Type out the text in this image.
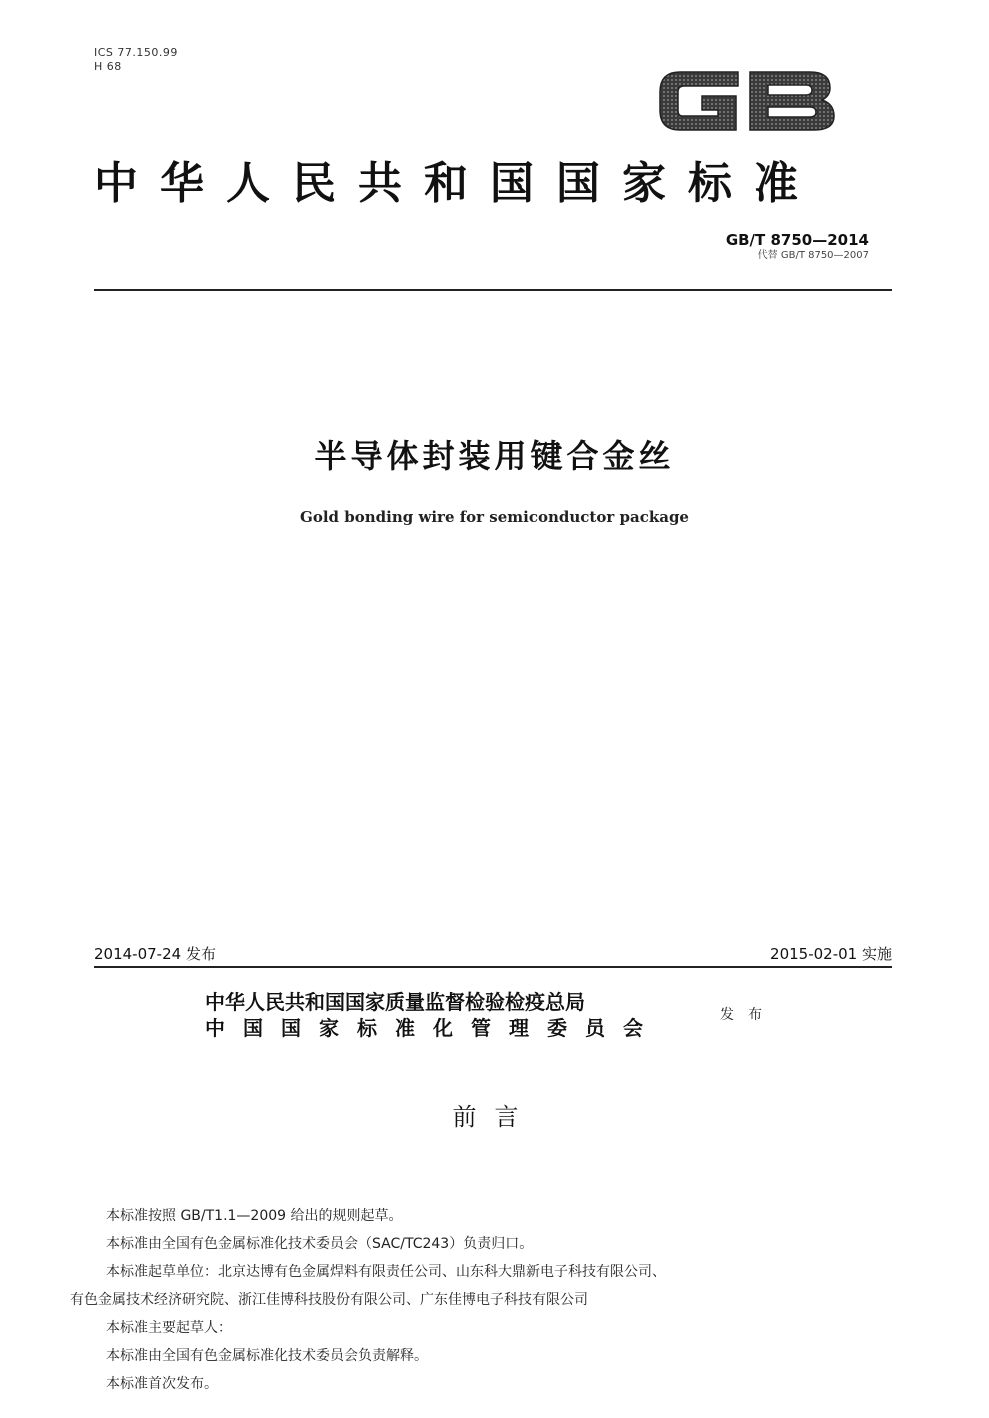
ICS 77.150.99
H 68
中华人民共和国国家标准
GB/T 8750—2014
代替 GB/T 8750—2007
半导体封装用键合金丝
Gold bonding wire for semiconductor package
2014-07-24 发布	2015-02-01 实施
中华人民共和国国家质量监督检验检疫总局
中国国家标准化管理委员会
发布
前言

本标准按照 GB/T1.1—2009 给出的规则起草。

本标准由全国有色金属标准化技术委员会（SAC/TC243）负责归口。

本标准起草单位：北京达博有色金属焊料有限责任公司、山东科大鼎新电子科技有限公司、

有色金属技术经济研究院、浙江佳博科技股份有限公司、广东佳博电子科技有限公司

本标准主要起草人：

本标准由全国有色金属标准化技术委员会负责解释。

本标准首次发布。
